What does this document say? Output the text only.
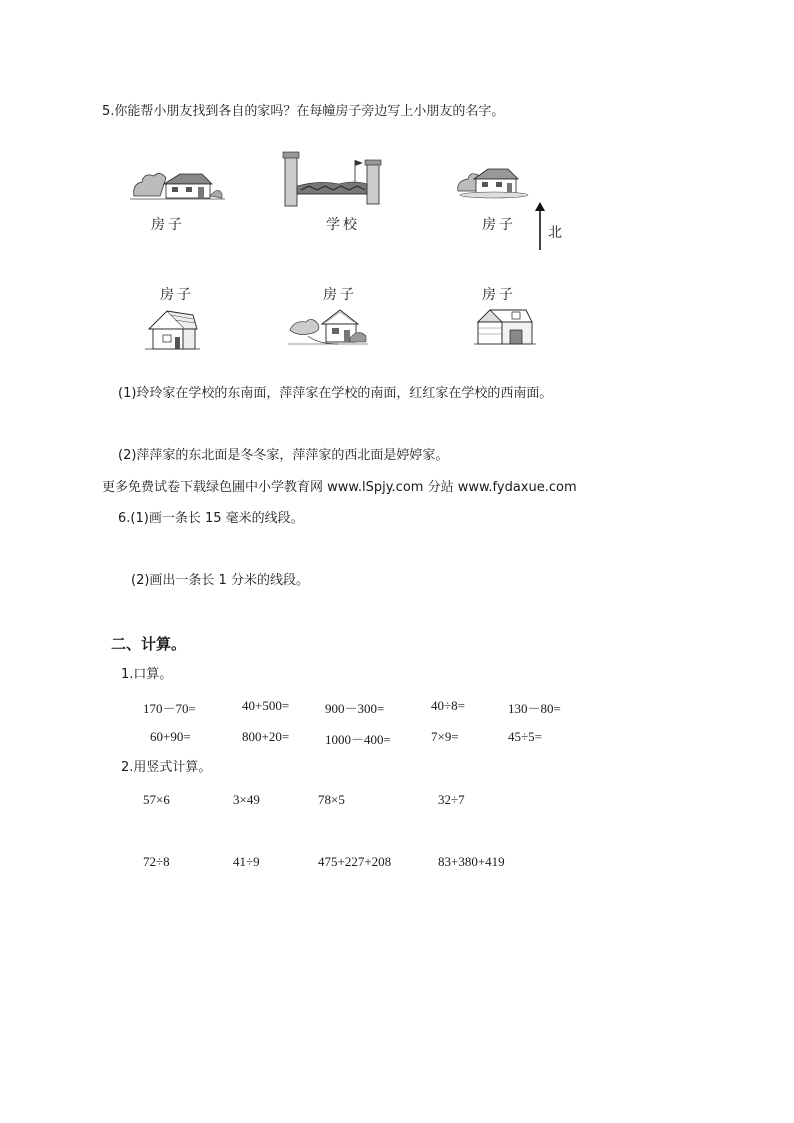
5.你能帮小朋友找到各自的家吗？在每幢房子旁边写上小朋友的名字。
房子	学校	房子 北
房子	房子	房子
(1)玲玲家在学校的东南面，萍萍家在学校的南面，红红家在学校的西南面。
(2)萍萍家的东北面是冬冬家，萍萍家的西北面是婷婷家。
更多免费试卷下载绿色圃中小学教育网 www.lSpjy.com 分站 www.fydaxue.com
6.(1)画一条长 15 毫米的线段。
(2)画出一条长 1 分米的线段。
二、计算。
1.口算。
170－70=	40+500=	900－300=	40÷8=	130－80=
60+90=	800+20=	1000－400=	7×9=	45÷5=
2.用竖式计算。
57×6	3×49	78×5	32÷7
72÷8	41÷9	475+227+208	83+380+419
